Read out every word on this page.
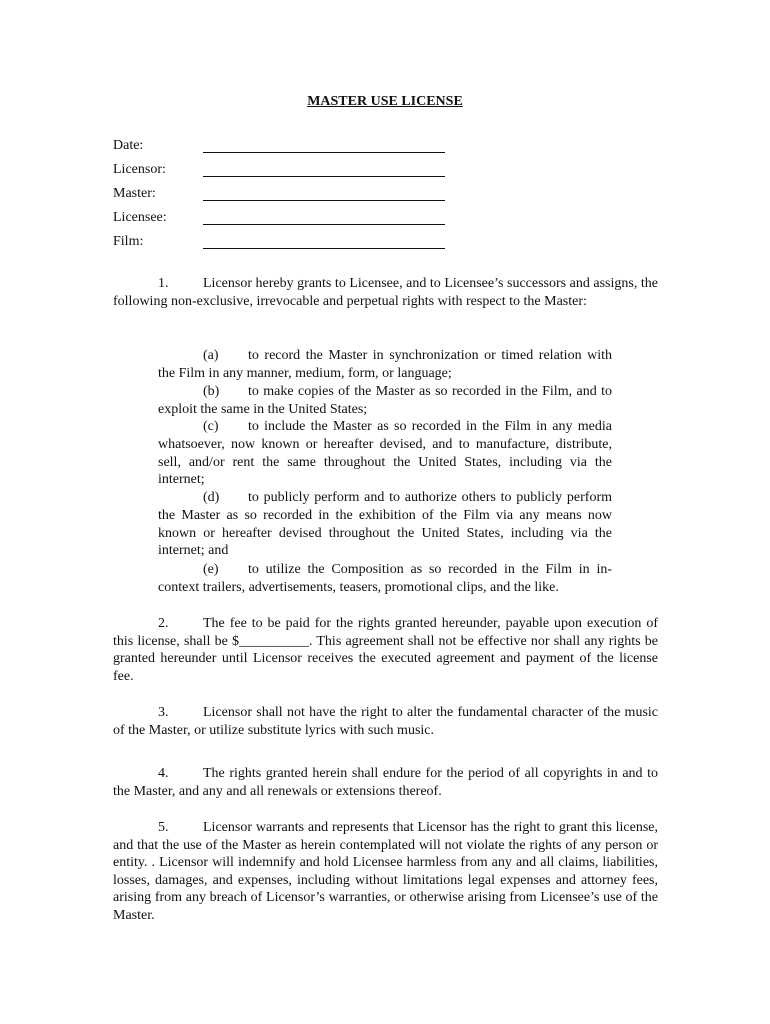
MASTER USE LICENSE
Date:
Licensor:
Master:
Licensee:
Film:

1. Licensor hereby grants to Licensee, and to Licensee’s successors and assigns, the following non-exclusive, irrevocable and perpetual rights with respect to the Master:

(a) to record the Master in synchronization or timed relation with the Film in any manner, medium, form, or language;

(b) to make copies of the Master as so recorded in the Film, and to exploit the same in the United States;

(c) to include the Master as so recorded in the Film in any media whatsoever, now known or hereafter devised, and to manufacture, distribute, sell, and/or rent the same throughout the United States, including via the internet;

(d) to publicly perform and to authorize others to publicly perform the Master as so recorded in the exhibition of the Film via any means now known or hereafter devised throughout the United States, including via the internet; and

(e) to utilize the Composition as so recorded in the Film in in-context trailers, advertisements, teasers, promotional clips, and the like.

2. The fee to be paid for the rights granted hereunder, payable upon execution of this license, shall be $__________. This agreement shall not be effective nor shall any rights be granted hereunder until Licensor receives the executed agreement and payment of the license fee.

3. Licensor shall not have the right to alter the fundamental character of the music of the Master, or utilize substitute lyrics with such music.

4. The rights granted herein shall endure for the period of all copyrights in and to the Master, and any and all renewals or extensions thereof.

5. Licensor warrants and represents that Licensor has the right to grant this license, and that the use of the Master as herein contemplated will not violate the rights of any person or entity. . Licensor will indemnify and hold Licensee harmless from any and all claims, liabilities, losses, damages, and expenses, including without limitations legal expenses and attorney fees, arising from any breach of Licensor’s warranties, or otherwise arising from Licensee’s use of the Master.
